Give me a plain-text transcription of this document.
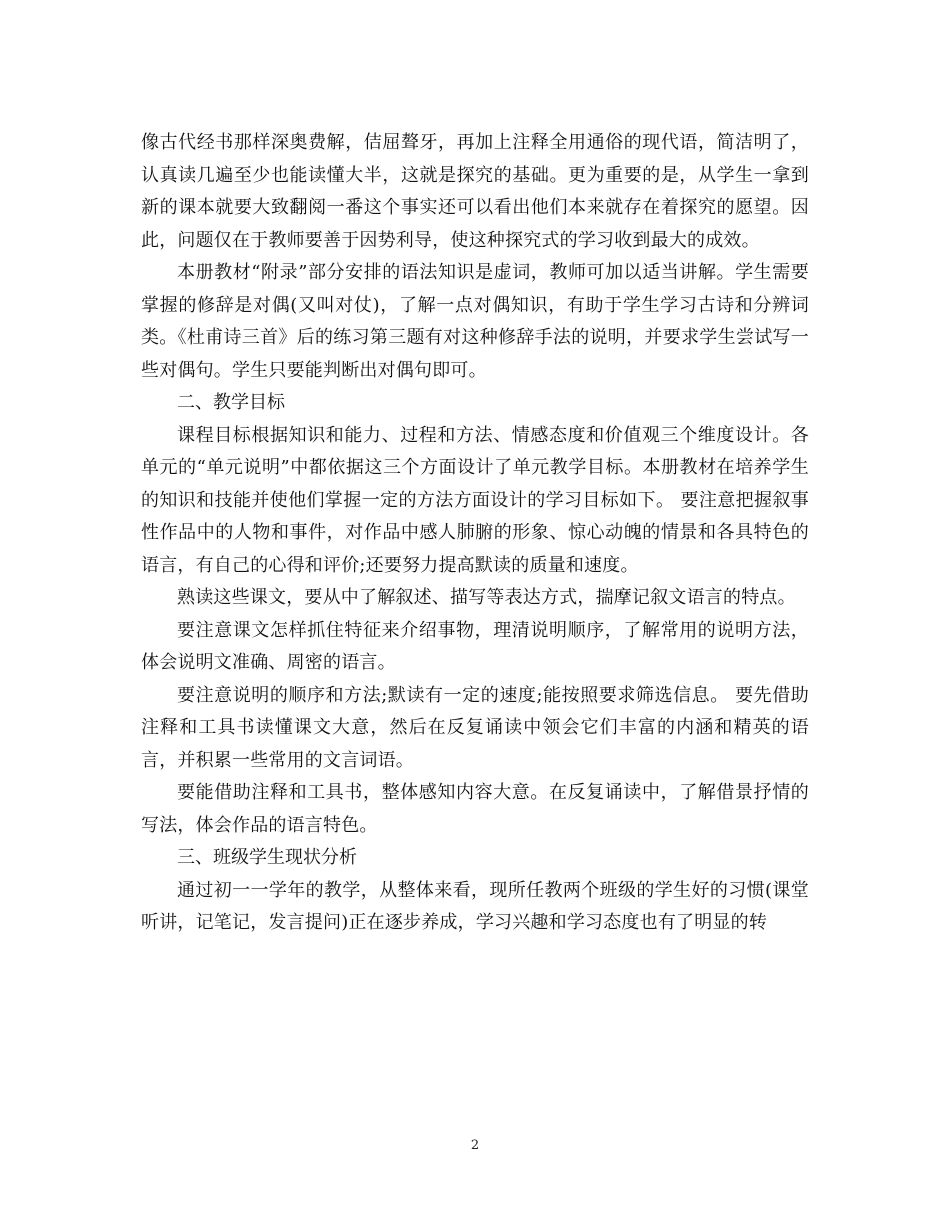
像古代经书那样深奥费解，佶屈聱牙，再加上注释全用通俗的现代语，简洁明了，认真读几遍至少也能读懂大半，这就是探究的基础。更为重要的是，从学生一拿到新的课本就要大致翻阅一番这个事实还可以看出他们本来就存在着探究的愿望。因此，问题仅在于教师要善于因势利导，使这种探究式的学习收到最大的成效。

本册教材“附录”部分安排的语法知识是虚词，教师可加以适当讲解。学生需要掌握的修辞是对偶(又叫对仗)，了解一点对偶知识，有助于学生学习古诗和分辨词类。《杜甫诗三首》后的练习第三题有对这种修辞手法的说明，并要求学生尝试写一些对偶句。学生只要能判断出对偶句即可。

二、教学目标

课程目标根据知识和能力、过程和方法、情感态度和价值观三个维度设计。各单元的“单元说明”中都依据这三个方面设计了单元教学目标。本册教材在培养学生的知识和技能并使他们掌握一定的方法方面设计的学习目标如下。 要注意把握叙事性作品中的人物和事件，对作品中感人肺腑的形象、惊心动魄的情景和各具特色的语言，有自己的心得和评价;还要努力提高默读的质量和速度。

熟读这些课文，要从中了解叙述、描写等表达方式，揣摩记叙文语言的特点。

要注意课文怎样抓住特征来介绍事物，理清说明顺序，了解常用的说明方法，体会说明文准确、周密的语言。

要注意说明的顺序和方法;默读有一定的速度;能按照要求筛选信息。 要先借助注释和工具书读懂课文大意，然后在反复诵读中领会它们丰富的内涵和精英的语言，并积累一些常用的文言词语。

要能借助注释和工具书，整体感知内容大意。在反复诵读中，了解借景抒情的写法，体会作品的语言特色。

三、班级学生现状分析

通过初一一学年的教学，从整体来看，现所任教两个班级的学生好的习惯(课堂听讲，记笔记，发言提问)正在逐步养成，学习兴趣和学习态度也有了明显的转

2
